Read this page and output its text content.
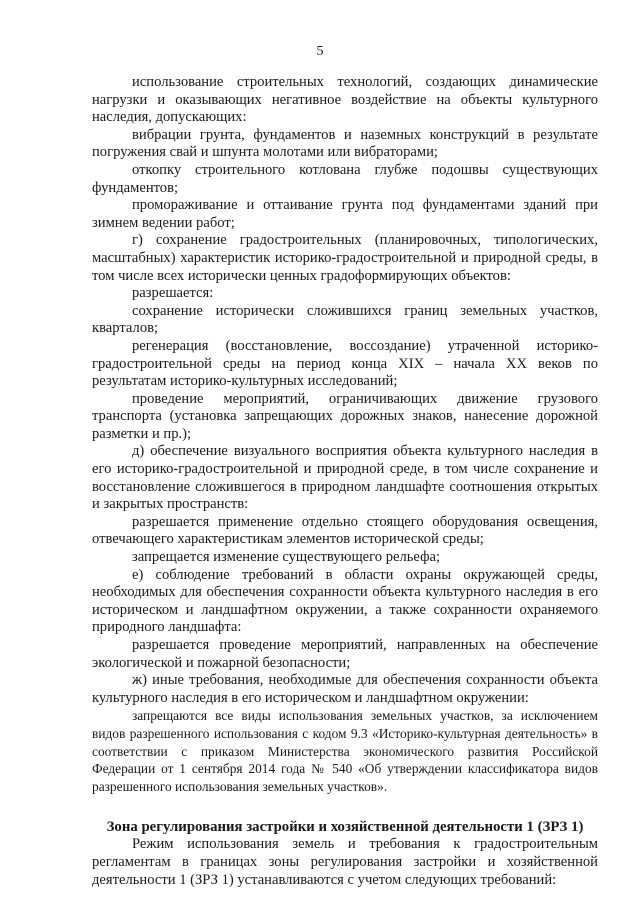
5

использование строительных технологий, создающих динамические нагрузки и оказывающих негативное воздействие на объекты культурного наследия, допускающих:

вибрации грунта, фундаментов и наземных конструкций в результате погружения свай и шпунта молотами или вибраторами;

откопку строительного котлована глубже подошвы существующих фундаментов;

промораживание и оттаивание грунта под фундаментами зданий при зимнем ведении работ;

г) сохранение градостроительных (планировочных, типологических, масштабных) характеристик историко-градостроительной и природной среды, в том числе всех исторически ценных градоформирующих объектов:

разрешается:

сохранение исторически сложившихся границ земельных участков, кварталов;

регенерация (восстановление, воссоздание) утраченной историко-градостроительной среды на период конца XIX – начала XX веков по результатам историко-культурных исследований;

проведение мероприятий, ограничивающих движение грузового транспорта (установка запрещающих дорожных знаков, нанесение дорожной разметки и пр.);

д) обеспечение визуального восприятия объекта культурного наследия в его историко-градостроительной и природной среде, в том числе сохранение и восстановление сложившегося в природном ландшафте соотношения открытых и закрытых пространств:

разрешается применение отдельно стоящего оборудования освещения, отвечающего характеристикам элементов исторической среды;

запрещается изменение существующего рельефа;

е) соблюдение требований в области охраны окружающей среды, необходимых для обеспечения сохранности объекта культурного наследия в его историческом и ландшафтном окружении, а также сохранности охраняемого природного ландшафта:

разрешается проведение мероприятий, направленных на обеспечение экологической и пожарной безопасности;

ж) иные требования, необходимые для обеспечения сохранности объекта культурного наследия в его историческом и ландшафтном окружении:

запрещаются все виды использования земельных участков, за исключением видов разрешенного использования с кодом 9.3 «Историко-культурная деятельность» в соответствии с приказом Министерства экономического развития Российской Федерации от 1 сентября 2014 года № 540 «Об утверждении классификатора видов разрешенного использования земельных участков».

Зона регулирования застройки и хозяйственной деятельности 1 (ЗРЗ 1)

Режим использования земель и требования к градостроительным регламентам в границах зоны регулирования застройки и хозяйственной деятельности 1 (ЗРЗ 1) устанавливаются с учетом следующих требований:
